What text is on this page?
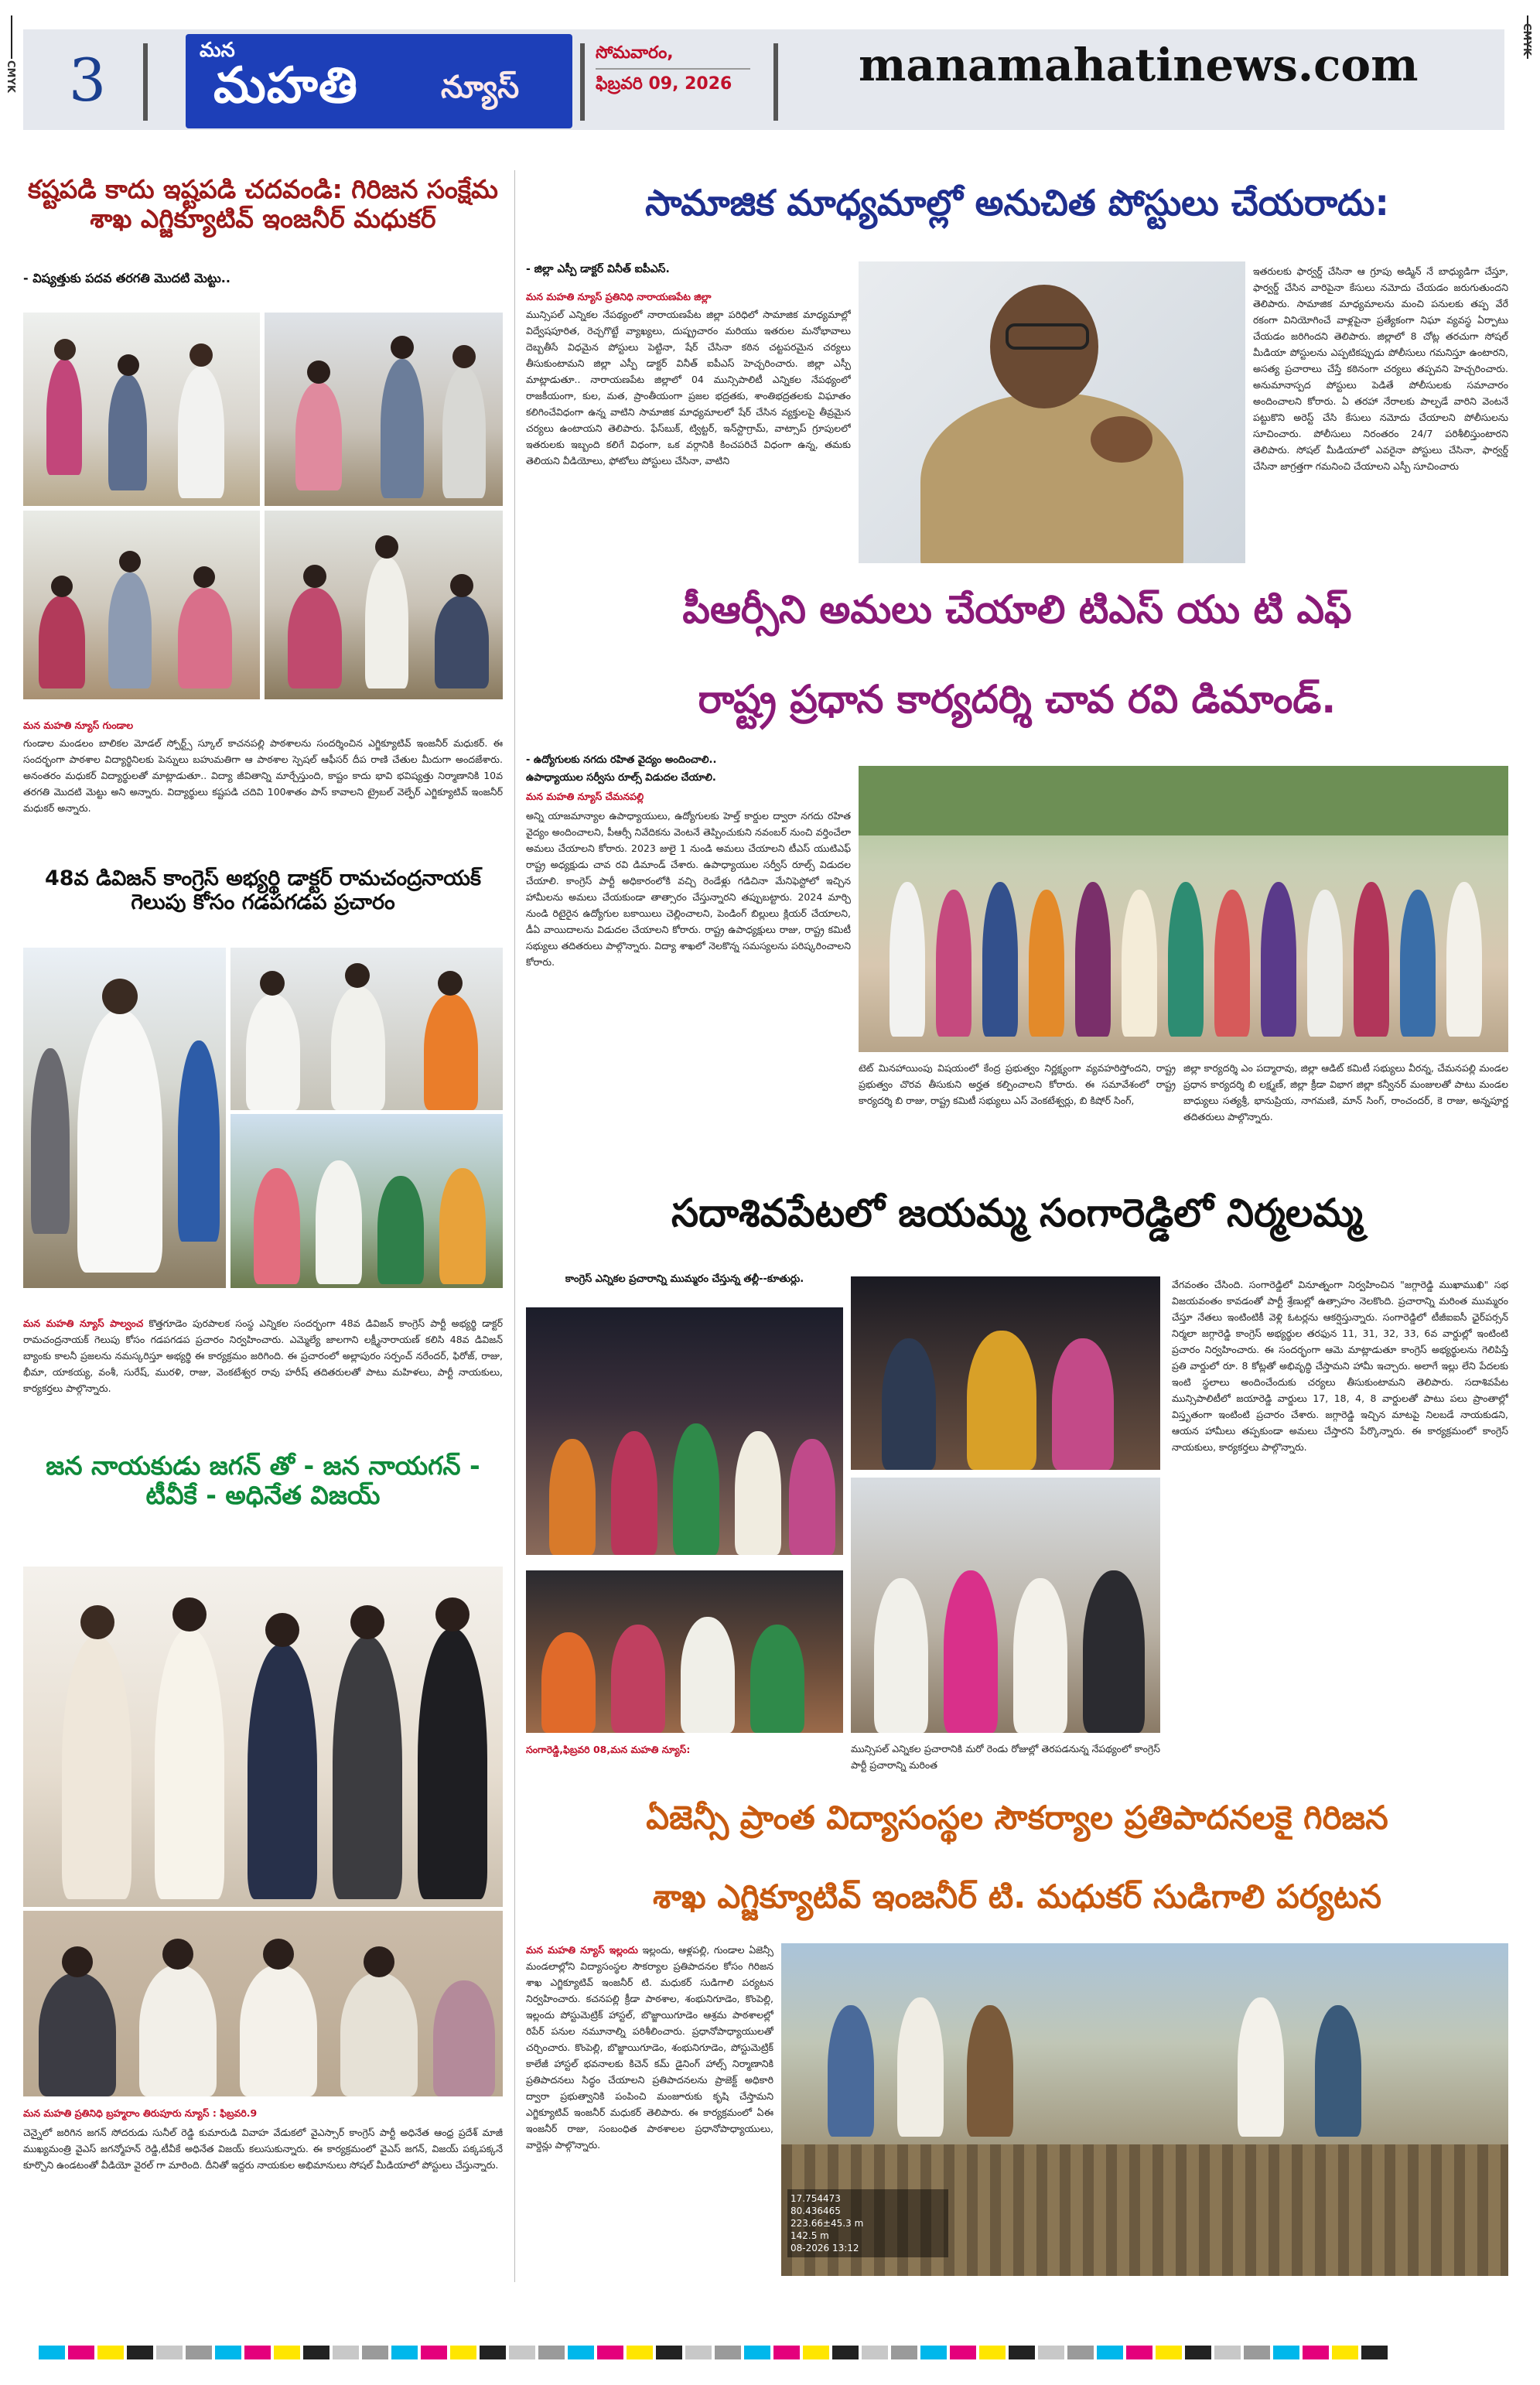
CMYK
CMYK
3	మన
మహతి	న్యూస్
సోమవారం,
ఫిబ్రవరి 09, 2026	manamahatinews.com
కష్టపడి కాదు ఇష్టపడి చదవండి: గిరిజన సంక్షేమ శాఖ ఎగ్జిక్యూటివ్ ఇంజనీర్ మధుకర్
- విష్యత్తుకు పదవ తరగతి మొదటి మెట్టు..
మన మహతి న్యూస్ గుండాల
గుండాల మండలం బాలికల మోడల్ స్పోర్ట్స్ స్కూల్ కాచనపల్లి పాఠశాలను సందర్శించిన ఎగ్జిక్యూటివ్ ఇంజనీర్ మధుకర్. ఈ సందర్భంగా పాఠశాల విద్యార్థినిలకు పెన్నులు బహుమతిగా ఆ పాఠశాల స్పెషల్ ఆఫీసర్ దీప రాణి చేతుల మీదుగా అందజేశారు. అనంతరం మధుకర్ విద్యార్థులతో మాట్లాడుతూ.. విద్యా జీవితాన్ని మార్చేస్తుంది, కాష్టం కాదు భావి భవిష్యత్తు నిర్మాణానికి 10వ తరగతి మొదటి మెట్టు అని అన్నారు. విద్యార్థులు కష్టపడి చదివి 100శాతం పాస్ కావాలని ట్రైబల్ వెల్ఫేర్ ఎగ్జిక్యూటివ్ ఇంజనీర్ మధుకర్ అన్నారు.
48వ డివిజన్ కాంగ్రెస్ అభ్యర్థి డాక్టర్ రామచంద్రనాయక్ గెలుపు కోసం గడపగడప ప్రచారం
మన మహతి న్యూస్ పాల్వంచ కొత్తగూడెం పురపాలక సంస్థ ఎన్నికల సందర్భంగా 48వ డివిజన్ కాంగ్రెస్ పార్టీ అభ్యర్థి డాక్టర్ రామచంద్రనాయక్ గెలుపు కోసం గడపగడప ప్రచారం నిర్వహించారు. ఎమ్మెల్యే జాలగాని లక్ష్మీనారాయణ్ కలిసి 48వ డివిజన్ బ్యాంకు కాలనీ ప్రజలను నమస్కరిస్తూ అభ్యర్థి ఈ కార్యక్రమం జరిగింది. ఈ ప్రచారంలో అల్లాపురం సర్పంచ్ నరేందర్, ఫిరోజ్, రాజు, భీమా, యాకయ్య, వంశీ, సురేష్, మురళి, రాజు, వెంకటేశ్వర రావు హరీష్ తదితరులతో పాటు మహిళలు, పార్టీ నాయకులు, కార్యకర్తలు పాల్గొన్నారు.
జన నాయకుడు జగన్ తో - జన నాయగన్ - టీవీకే - అధినేత విజయ్
మన మహతి ప్రతినిధి బ్రహ్మరాం తిరుపూరు న్యూస్ : ఫిబ్రవరి.9
చెన్నైలో జరిగిన జగన్ సోదరుడు సునీల్ రెడ్డి కుమారుడి వివాహ వేడుకలో వైఎస్సార్ కాంగ్రెస్ పార్టీ అధినేత ఆంధ్ర ప్రదేశ్ మాజీ ముఖ్యమంత్రి వైఎస్ జగన్మోహన్ రెడ్డి,టీవీకే అధినేత విజయ్ కలుసుకున్నారు. ఈ కార్యక్రమంలో వైఎస్ జగన్, విజయ్ పక్కపక్కనే కూర్చొని ఉండటంతో వీడియో వైరల్ గా మారింది. దీనితో ఇద్దరు నాయకుల అభిమానులు సోషల్ మీడియాలో పోస్టులు చేస్తున్నారు.
సామాజిక మాధ్యమాల్లో అనుచిత పోస్టులు చేయరాదు:
- జిల్లా ఎస్పీ డాక్టర్ వినీత్ ఐపీఎస్.
మన మహతి న్యూస్ ప్రతినిధి నారాయణపేట జిల్లా
మున్సిపల్ ఎన్నికల నేపథ్యంలో నారాయణపేట జిల్లా పరిధిలో సామాజిక మాధ్యమాల్లో విద్వేషపూరిత, రెచ్చగొట్టే వ్యాఖ్యలు, దుష్ప్రచారం మరియు ఇతరుల మనోభావాలు దెబ్బతీసే విధమైన పోస్టులు పెట్టినా, షేర్ చేసినా కఠిన చట్టపరమైన చర్యలు తీసుకుంటామని జిల్లా ఎస్పీ డాక్టర్ వినీత్ ఐపీఎస్ హెచ్చరించారు. జిల్లా ఎస్పీ మాట్లాడుతూ.. నారాయణపేట జిల్లాలో 04 మున్సిపాలిటీ ఎన్నికల నేపథ్యంలో రాజకీయంగా, కుల, మత, ప్రాంతీయంగా ప్రజల భద్రతకు, శాంతిభద్రతలకు విఘాతం కలిగించేవిధంగా ఉన్న వాటిని సామాజిక మాధ్యమాలలో షేర్ చేసిన వ్యక్తులపై తీవ్రమైన చర్యలు ఉంటాయని తెలిపారు. ఫేస్‌బుక్, ట్విట్టర్, ఇన్‌స్టాగ్రామ్, వాట్సాప్ గ్రూపులలో ఇతరులకు ఇబ్బంది కలిగే విధంగా, ఒక వర్గానికి కించపరిచే విధంగా ఉన్న, తమకు తెలియని వీడియోలు, ఫోటోలు పోస్టులు చేసినా, వాటిని
ఇతరులకు ఫార్వర్డ్ చేసినా ఆ గ్రూపు అడ్మిన్ నే బాధ్యుడిగా చేస్తూ, ఫార్వర్డ్ చేసిన వారిపైనా కేసులు నమోదు చేయడం జరుగుతుందని తెలిపారు. సామాజిక మాధ్యమాలను మంచి పనులకు తప్ప వేరే రకంగా వినియోగించే వాళ్లపైనా ప్రత్యేకంగా నిఘా వ్యవస్థ ఏర్పాటు చేయడం జరిగిందని తెలిపారు. జిల్లాలో 8 చోట్ల తరచుగా సోషల్ మీడియా పోస్టులను ఎప్పటికప్పుడు పోలీసులు గమనిస్తూ ఉంటారని, అసత్య ప్రచారాలు చేస్తే కఠినంగా చర్యలు తప్పవని హెచ్చరించారు. అనుమానాస్పద పోస్టులు పెడితే పోలీసులకు సమాచారం అందించాలని కోరారు. ఏ తరహా నేరాలకు పాల్పడే వారిని వెంటనే పట్టుకొని అరెస్ట్ చేసి కేసులు నమోదు చేయాలని పోలీసులను సూచించారు. పోలీసులు నిరంతరం 24/7 పరిశీలిస్తుంటారని తెలిపారు. సోషల్ మీడియాలో ఎవరైనా పోస్టులు చేసినా, ఫార్వర్డ్ చేసినా జాగ్రత్తగా గమనించి చేయాలని ఎస్పీ సూచించారు
పీఆర్సీని అమలు చేయాలి టిఎస్ యు టి ఎఫ్
రాష్ట్ర ప్రధాన కార్యదర్శి చావ రవి డిమాండ్.
- ఉద్యోగులకు నగదు రహిత వైద్యం అందించాలి..
ఉపాధ్యాయుల సర్వీసు రూల్స్ విడుదల చేయాలి.
మన మహతి న్యూస్ చేమనపల్లి
అన్ని యాజమాన్యాల ఉపాధ్యాయులు, ఉద్యోగులకు హెల్త్ కార్డుల ద్వారా నగదు రహిత వైద్యం అందించాలని, పీఆర్సీ నివేదికను వెంటనే తెప్పించుకుని నవంబర్ నుంచి వర్తించేలా అమలు చేయాలని కోరారు. 2023 జులై 1 నుండి అమలు చేయాలని టీఎస్ యుటిఎఫ్ రాష్ట్ర అధ్యక్షుడు చావ రవి డిమాండ్ చేశారు. ఉపాధ్యాయుల సర్వీస్ రూల్స్ విడుదల చేయాలి. కాంగ్రెస్ పార్టీ అధికారంలోకి వచ్చి రెండేళ్లు గడిచినా మేనిఫెస్టోలో ఇచ్చిన హామీలను అమలు చేయకుండా తాత్సారం చేస్తున్నారని తప్పుబట్టారు. 2024 మార్చి నుండి రిటైరైన ఉద్యోగుల బకాయిలు చెల్లించాలని, పెండింగ్ బిల్లులు క్లియర్ చేయాలని, డీఏ వాయిదాలను విడుదల చేయాలని కోరారు. రాష్ట్ర ఉపాధ్యక్షులు రాజు, రాష్ట్ర కమిటీ సభ్యులు తదితరులు పాల్గొన్నారు. విద్యా శాఖలో నెలకొన్న సమస్యలను పరిష్కరించాలని కోరారు.
టెట్ మినహాయింపు విషయంలో కేంద్ర ప్రభుత్వం నిర్ణక్ష్యంగా వ్యవహరిస్తోందని, రాష్ట్ర ప్రభుత్వం చొరవ తీసుకుని అర్హత కల్పించాలని కోరారు. ఈ సమావేశంలో రాష్ట్ర కార్యదర్శి బి రాజు, రాష్ట్ర కమిటీ సభ్యులు ఎస్ వెంకటేశ్వర్లు, బి కిషోర్ సింగ్,
జిల్లా కార్యదర్శి ఎం పద్మారావు, జిల్లా ఆడిట్ కమిటీ సభ్యులు వీరన్న, చేమనపల్లి మండల ప్రధాన కార్యదర్శి బి లక్ష్మణ్, జిల్లా క్రీడా విభాగ జిల్లా కన్వీనర్ మంజులతో పాటు మండల బాధ్యులు సత్యశ్రీ, భానుప్రియ, నాగమణి, మాన్ సింగ్, రాంచందర్, కె రాజు, అన్నపూర్ణ తదితరులు పాల్గొన్నారు.
సదాశివపేటలో జయమ్మ సంగారెడ్డిలో నిర్మలమ్మ
కాంగ్రెస్ ఎన్నికల ప్రచారాన్ని ముమ్మరం చేస్తున్న తల్లీ--కూతుర్లు.
సంగారెడ్డి,ఫిబ్రవరి 08,మన మహతి న్యూస్:	మున్సిపల్ ఎన్నికల ప్రచారానికి మరో రెండు రోజుల్లో తెరపడనున్న నేపథ్యంలో కాంగ్రెస్ పార్టీ ప్రచారాన్ని మరింత
వేగవంతం చేసింది. సంగారెడ్డిలో వినూత్నంగా నిర్వహించిన "జగ్గారెడ్డి ముఖాముఖి" సభ విజయవంతం కావడంతో పార్టీ శ్రేణుల్లో ఉత్సాహం నెలకొంది. ప్రచారాన్ని మరింత ముమ్మరం చేస్తూ నేతలు ఇంటింటికీ వెళ్లి ఓటర్లను ఆకర్షిస్తున్నారు. సంగారెడ్డిలో టీజీఐఐసీ ఛైర్‌పర్సన్ నిర్మలా జగ్గారెడ్డి కాంగ్రెస్ అభ్యర్థుల తరఫున 11, 31, 32, 33, 6వ వార్డుల్లో ఇంటింటి ప్రచారం నిర్వహించారు. ఈ సందర్భంగా ఆమె మాట్లాడుతూ కాంగ్రెస్ అభ్యర్థులను గెలిపిస్తే ప్రతి వార్డులో రూ. 8 కోట్లతో అభివృద్ధి చేస్తామని హామీ ఇచ్చారు. అలాగే ఇల్లు లేని పేదలకు ఇంటి స్థలాలు అందించేందుకు చర్యలు తీసుకుంటామని తెలిపారు. సదాశివపేట మున్సిపాలిటీలో జయారెడ్డి వార్డులు 17, 18, 4, 8 వార్డులతో పాటు పలు ప్రాంతాల్లో విస్తృతంగా ఇంటింటి ప్రచారం చేశారు. జగ్గారెడ్డి ఇచ్చిన మాటపై నిలబడే నాయకుడని, ఆయన హామీలు తప్పకుండా అమలు చేస్తారని పేర్కొన్నారు. ఈ కార్యక్రమంలో కాంగ్రెస్ నాయకులు, కార్యకర్తలు పాల్గొన్నారు.
ఏజెన్సీ ప్రాంత విద్యాసంస్థల సౌకర్యాల ప్రతిపాదనలకై గిరిజన
శాఖ ఎగ్జిక్యూటివ్ ఇంజనీర్ టి. మధుకర్ సుడిగాలి పర్యటన
మన మహతి న్యూస్ ఇల్లందు ఇల్లందు, ఆళ్లపల్లి, గుండాల ఏజెన్సీ మండలాల్లోని విద్యాసంస్థల సౌకర్యాల ప్రతిపాదనల కోసం గిరిజన శాఖ ఎగ్జిక్యూటివ్ ఇంజనీర్ టి. మధుకర్ సుడిగాలి పర్యటన నిర్వహించారు. కచనపల్లి క్రీడా పాఠశాల, శంభునిగూడెం, కొంపెల్లి, ఇల్లందు పోస్టుమెట్రిక్ హాస్టల్, బొజ్జాయిగూడెం ఆశ్రమ పాఠశాలల్లో రిపేర్ పనుల నమూనాల్ని పరిశీలించారు. ప్రధానోపాధ్యాయులతో చర్చించారు. కొంపెల్లి, బొజ్జాయిగూడెం, శంభునిగూడెం, పోస్టుమెట్రిక్ కాలేజీ హాస్టల్ భవనాలకు కిచెన్ కమ్ డైనింగ్ హాల్స్ నిర్మాణానికి ప్రతిపాదనలు సిద్ధం చేయాలని ప్రతిపాదనలను ప్రాజెక్ట్ అధికారి ద్వారా ప్రభుత్వానికి పంపించి మంజూరుకు కృషి చేస్తామని ఎగ్జిక్యూటివ్ ఇంజనీర్ మధుకర్ తెలిపారు. ఈ కార్యక్రమంలో ఏఈ ఇంజనీర్ రాజు, సంబంధిత పాఠశాలల ప్రధానోపాధ్యాయులు, వార్డెన్లు పాల్గొన్నారు.
17.754473
80.436465
223.66±45.3 m
142.5 m
08-2026 13:12
